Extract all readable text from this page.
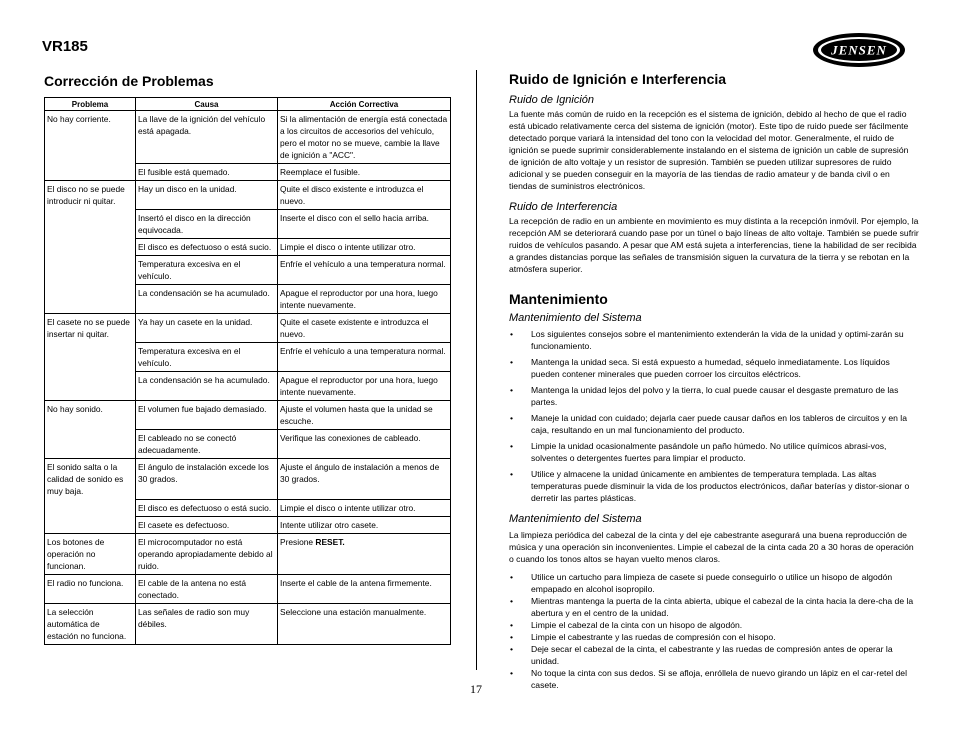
VR185	JENSEN
Corrección de Problemas
Problema	Causa	Acción Correctiva
No hay corriente.	La llave de la ignición del vehículo está apagada.	Si la alimentación de energía está conectada a los circuitos de accesorios del vehículo, pero el motor no se mueve, cambie la llave de ignición a "ACC".
	El fusible está quemado.	Reemplace el fusible.
El disco no se puede introducir ni quitar.	Hay un disco en la unidad.	Quite el disco existente e introduzca el nuevo.
	Insertó el disco en la dirección equivocada.	Inserte el disco con el sello hacia arriba.
	El disco es defectuoso o está sucio.	Limpie el disco o intente utilizar otro.
	Temperatura excesiva en el vehículo.	Enfríe el vehículo a una temperatura normal.
	La condensación se ha acumulado.	Apague el reproductor por una hora, luego intente nuevamente.
El casete no se puede insertar ni quitar.	Ya hay un casete en la unidad.	Quite el casete existente e introduzca el nuevo.
	Temperatura excesiva en el vehículo.	Enfríe el vehículo a una temperatura normal.
	La condensación se ha acumulado.	Apague el reproductor por una hora, luego intente nuevamente.
No hay sonido.	El volumen fue bajado demasiado.	Ajuste el volumen hasta que la unidad se escuche.
	El cableado no se conectó adecuadamente.	Verifique las conexiones de cableado.
El sonido salta o la calidad de sonido es muy baja.	El ángulo de instalación excede los 30 grados.	Ajuste el ángulo de instalación a menos de 30 grados.
	El disco es defectuoso o está sucio.	Limpie el disco o intente utilizar otro.
	El casete es defectuoso.	Intente utilizar otro casete.
Los botones de operación no funcionan.	El microcomputador no está operando apropiadamente debido al ruido.	Presione RESET.
El radio no funciona.	El cable de la antena no está conectado.	Inserte el cable de la antena firmemente.
La selección automática de estación no funciona.	Las señales de radio son muy débiles.	Seleccione una estación manualmente.
Ruido de Ignición e Interferencia
Ruido de Ignición

La fuente más común de ruido en la recepción es el sistema de ignición, debido al hecho de que el radio está ubicado relativamente cerca del sistema de ignición (motor). Este tipo de ruido puede ser fácilmente detectado porque variará la intensidad del tono con la velocidad del motor. Generalmente, el ruido de ignición se puede suprimir considerablemente instalando en el sistema de ignición un cable de supresión de ignición de alto voltaje y un resistor de supresión. También se pueden utilizar supresores de ruido adicional y se pueden conseguir en la mayoría de las tiendas de radio amateur y de banda civil o en tiendas de suministros electrónicos.

Ruido de Interferencia

La recepción de radio en un ambiente en movimiento es muy distinta a la recepción inmóvil. Por ejemplo, la recepción AM se deteriorará cuando pase por un túnel o bajo líneas de alto voltaje. También se puede sufrir ruidos de vehículos pasando. A pesar que AM está sujeta a interferencias, tiene la habilidad de ser recibida a grandes distancias porque las señales de transmisión siguen la curvatura de la tierra y se rebotan en la atmósfera superior.

Mantenimiento
Mantenimiento del Sistema
• Los siguientes consejos sobre el mantenimiento extenderán la vida de la unidad y optimi-zarán su funcionamiento.
• Mantenga la unidad seca. Si está expuesto a humedad, séquelo inmediatamente. Los líquidos pueden contener minerales que pueden corroer los circuitos eléctricos.
• Mantenga la unidad lejos del polvo y la tierra, lo cual puede causar el desgaste prematuro de las partes.
• Maneje la unidad con cuidado; dejarla caer puede causar daños en los tableros de circuitos y en la caja, resultando en un mal funcionamiento del producto.
• Limpie la unidad ocasionalmente pasándole un paño húmedo. No utilice químicos abrasi-vos, solventes o detergentes fuertes para limpiar el producto.
• Utilice y almacene la unidad únicamente en ambientes de temperatura templada. Las altas temperaturas puede disminuir la vida de los productos electrónicos, dañar baterías y distor-sionar o derretir las partes plásticas.
Mantenimiento del Sistema

La limpieza periódica del cabezal de la cinta y del eje cabestrante asegurará una buena reproducción de música y una operación sin inconvenientes. Limpie el cabezal de la cinta cada 20 a 30 horas de operación o cuando los tonos altos se hayan vuelto menos claros.

• Utilice un cartucho para limpieza de casete si puede conseguirlo o utilice un hisopo de algodón empapado en alcohol isopropilo.
• Mientras mantenga la puerta de la cinta abierta, ubique el cabezal de la cinta hacia la dere-cha de la abertura y en el centro de la unidad.
• Limpie el cabezal de la cinta con un hisopo de algodón.
• Limpie el cabestrante y las ruedas de compresión con el hisopo.
• Deje secar el cabezal de la cinta, el cabestrante y las ruedas de compresión antes de operar la unidad.
• No toque la cinta con sus dedos. Si se afloja, enróllela de nuevo girando un lápiz en el car-retel del casete.
17
